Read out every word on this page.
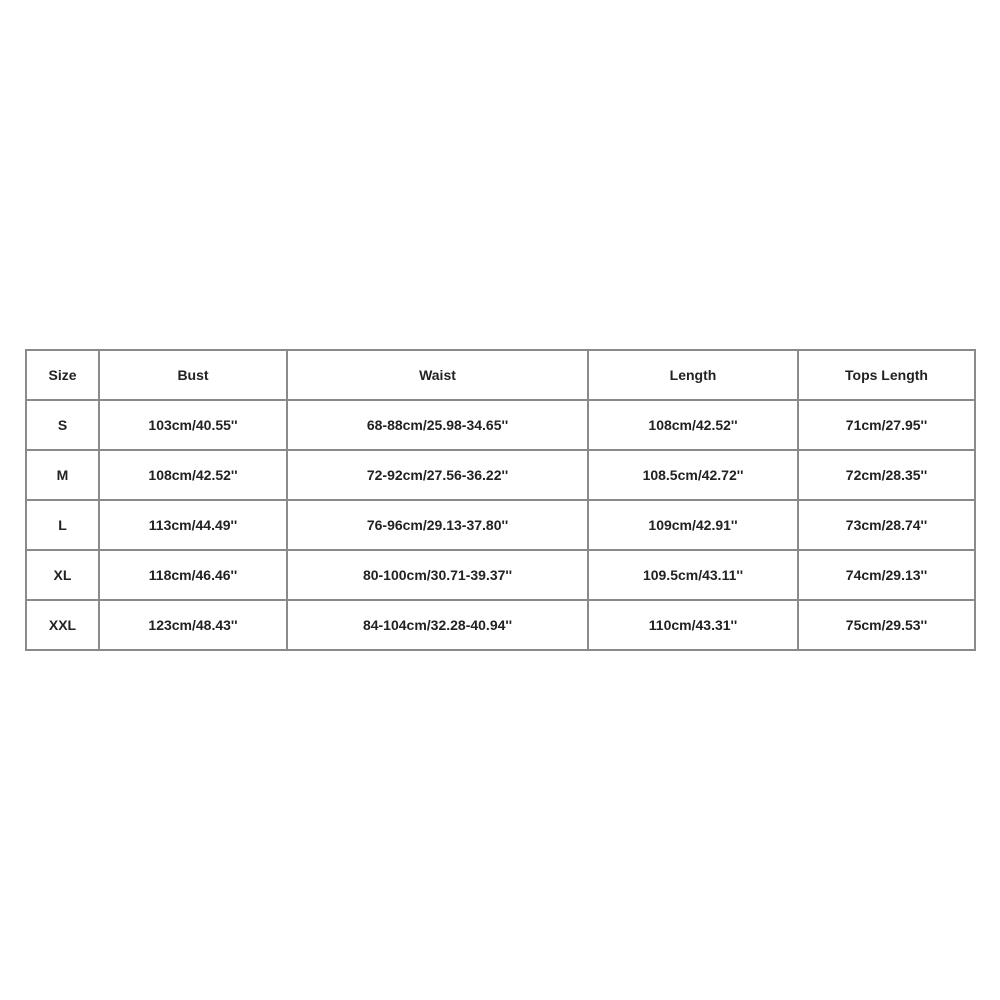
Size	Bust	Waist	Length	Tops Length
S	103cm/40.55''	68-88cm/25.98-34.65''	108cm/42.52''	71cm/27.95''
M	108cm/42.52''	72-92cm/27.56-36.22''	108.5cm/42.72''	72cm/28.35''
L	113cm/44.49''	76-96cm/29.13-37.80''	109cm/42.91''	73cm/28.74''
XL	118cm/46.46''	80-100cm/30.71-39.37''	109.5cm/43.11''	74cm/29.13''
XXL	123cm/48.43''	84-104cm/32.28-40.94''	110cm/43.31''	75cm/29.53''
